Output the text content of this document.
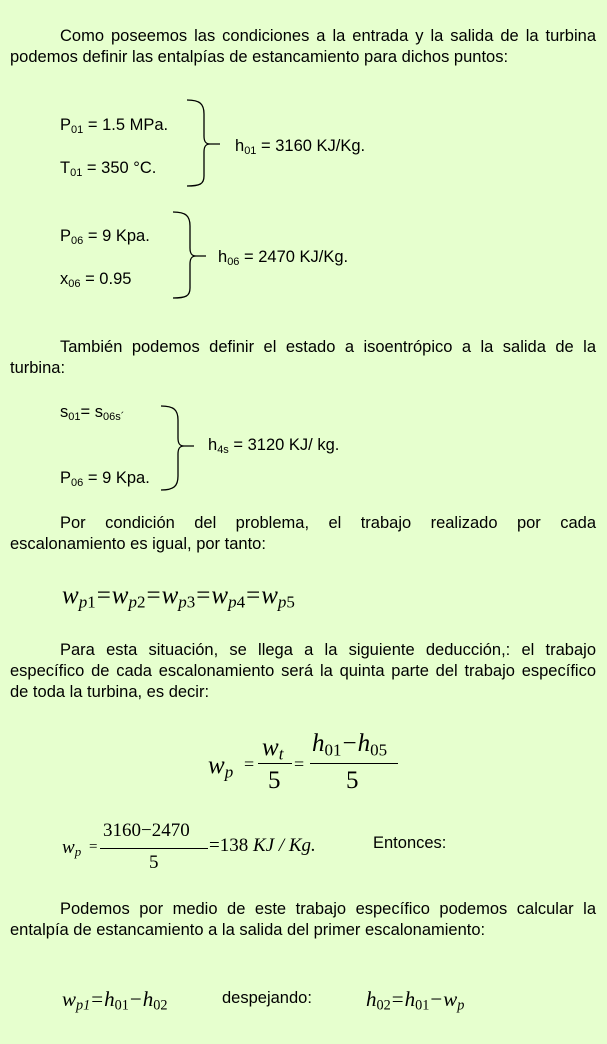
Como poseemos las condiciones a la entrada y la salida de la turbina podemos definir las entalpías de estancamiento para dichos puntos:
$P_{01} = 1.5$ MPa.
$T_{01} = 350$ °C.
$h_{01} = 3160$ KJ/Kg.
$P_{06} = 9$ Kpa.
$x_{06} = 0.95$
$h_{06} = 2470$ KJ/Kg.
También podemos definir el estado a isoentrópico a la salida de la turbina:
$s_{01}= s_{06s´}$
$P_{06} = 9$ Kpa.
$h_{4s} = 3120$ KJ/ kg.
Por condición del problema, el trabajo realizado por cada escalonamiento es igual, por tanto:
$wp_1=wp_2=wp_3=wp_4=wp_5$
Para esta situación, se llega a la siguiente deducción,: el trabajo específico de cada escalonamiento será la quinta parte del trabajo específico de toda la turbina, es decir:
wp =
wt
5
=
$h_{01}-h_{05}$
5
wp =
3160−2470
5
=138 KJ / Kg.	Entonces:
Podemos por medio de este trabajo específico podemos calcular la entalpía de estancamiento a la salida del primer escalonamiento:
$wp1=h_{01}-h_{02}$	despejando:	$h_{02}=h_{01}-wp$
